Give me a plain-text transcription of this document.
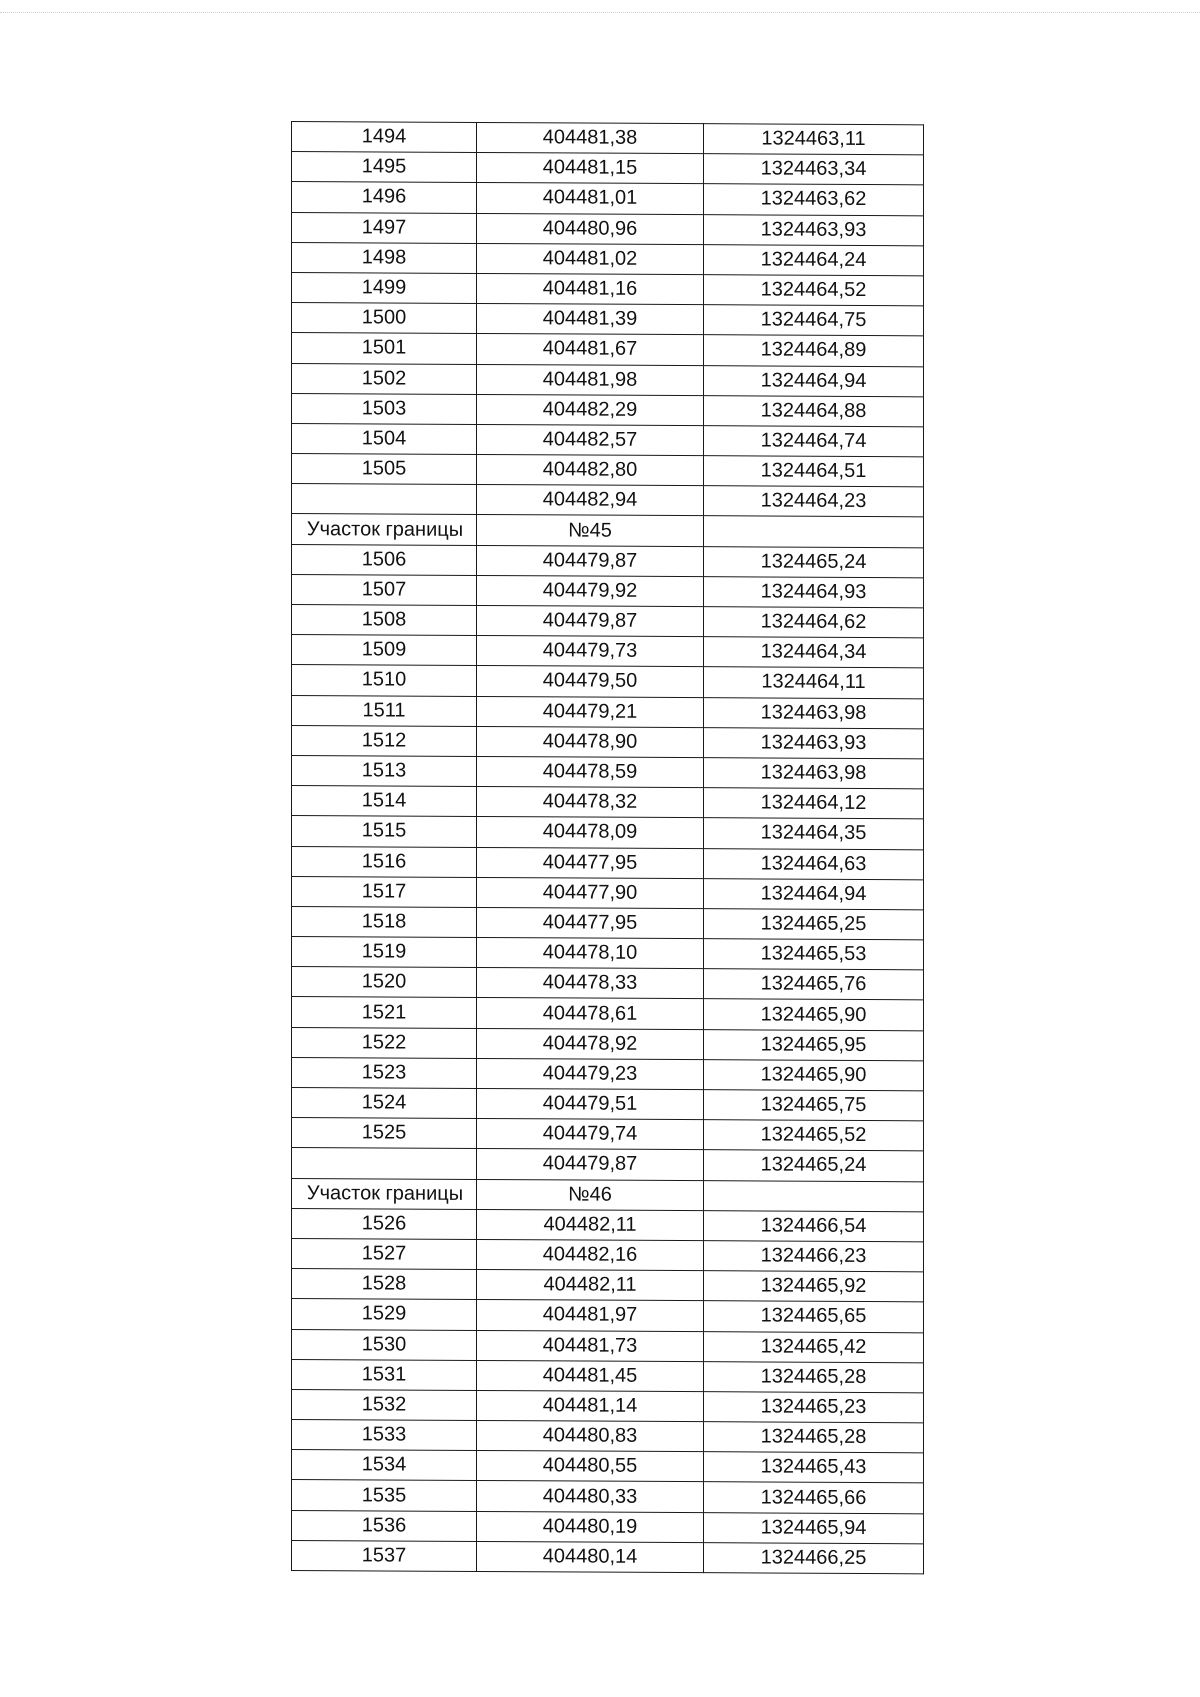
1494	404481,38	1324463,11
1495	404481,15	1324463,34
1496	404481,01	1324463,62
1497	404480,96	1324463,93
1498	404481,02	1324464,24
1499	404481,16	1324464,52
1500	404481,39	1324464,75
1501	404481,67	1324464,89
1502	404481,98	1324464,94
1503	404482,29	1324464,88
1504	404482,57	1324464,74
1505	404482,80	1324464,51
	404482,94	1324464,23
Участок границы	№45	
1506	404479,87	1324465,24
1507	404479,92	1324464,93
1508	404479,87	1324464,62
1509	404479,73	1324464,34
1510	404479,50	1324464,11
1511	404479,21	1324463,98
1512	404478,90	1324463,93
1513	404478,59	1324463,98
1514	404478,32	1324464,12
1515	404478,09	1324464,35
1516	404477,95	1324464,63
1517	404477,90	1324464,94
1518	404477,95	1324465,25
1519	404478,10	1324465,53
1520	404478,33	1324465,76
1521	404478,61	1324465,90
1522	404478,92	1324465,95
1523	404479,23	1324465,90
1524	404479,51	1324465,75
1525	404479,74	1324465,52
	404479,87	1324465,24
Участок границы	№46	
1526	404482,11	1324466,54
1527	404482,16	1324466,23
1528	404482,11	1324465,92
1529	404481,97	1324465,65
1530	404481,73	1324465,42
1531	404481,45	1324465,28
1532	404481,14	1324465,23
1533	404480,83	1324465,28
1534	404480,55	1324465,43
1535	404480,33	1324465,66
1536	404480,19	1324465,94
1537	404480,14	1324466,25
